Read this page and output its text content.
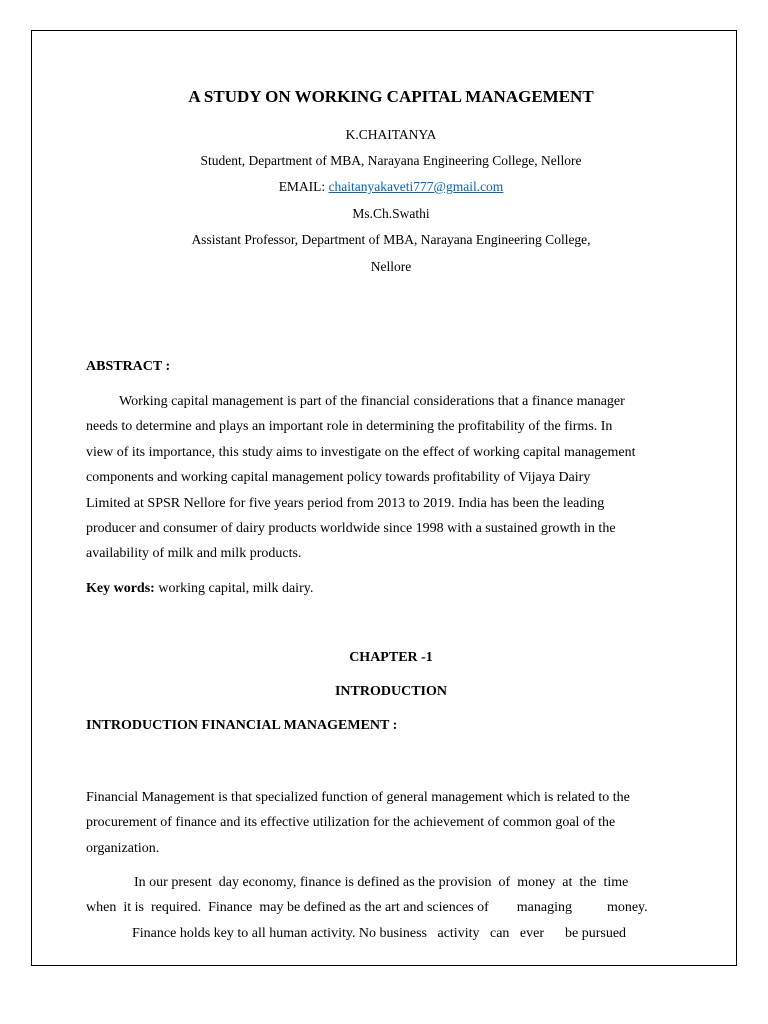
A STUDY ON WORKING CAPITAL MANAGEMENT
K.CHAITANYA
Student, Department of MBA, Narayana Engineering College, Nellore
EMAIL: chaitanyakaveti777@gmail.com
Ms.Ch.Swathi
Assistant Professor, Department of MBA, Narayana Engineering College,
Nellore
ABSTRACT :
Working capital management is part of the financial considerations that a finance manager
needs to determine and plays an important role in determining the profitability of the firms. In
view of its importance, this study aims to investigate on the effect of working capital management
components and working capital management policy towards profitability of Vijaya Dairy
Limited at SPSR Nellore for five years period from 2013 to 2019. India has been the leading
producer and consumer of dairy products worldwide since 1998 with a sustained growth in the
availability of milk and milk products.
Key words: working capital, milk dairy.
CHAPTER -1
INTRODUCTION
INTRODUCTION FINANCIAL MANAGEMENT :
Financial Management is that specialized function of general management which is related to the
procurement of finance and its effective utilization for the achievement of common goal of the
organization.
In our present  day economy, finance is defined as the provision  of  money  at  the  time
when  it is  required.  Finance  may be defined as the art and sciences of        managing          money.
Finance holds key to all human activity. No business   activity   can   ever      be pursued
